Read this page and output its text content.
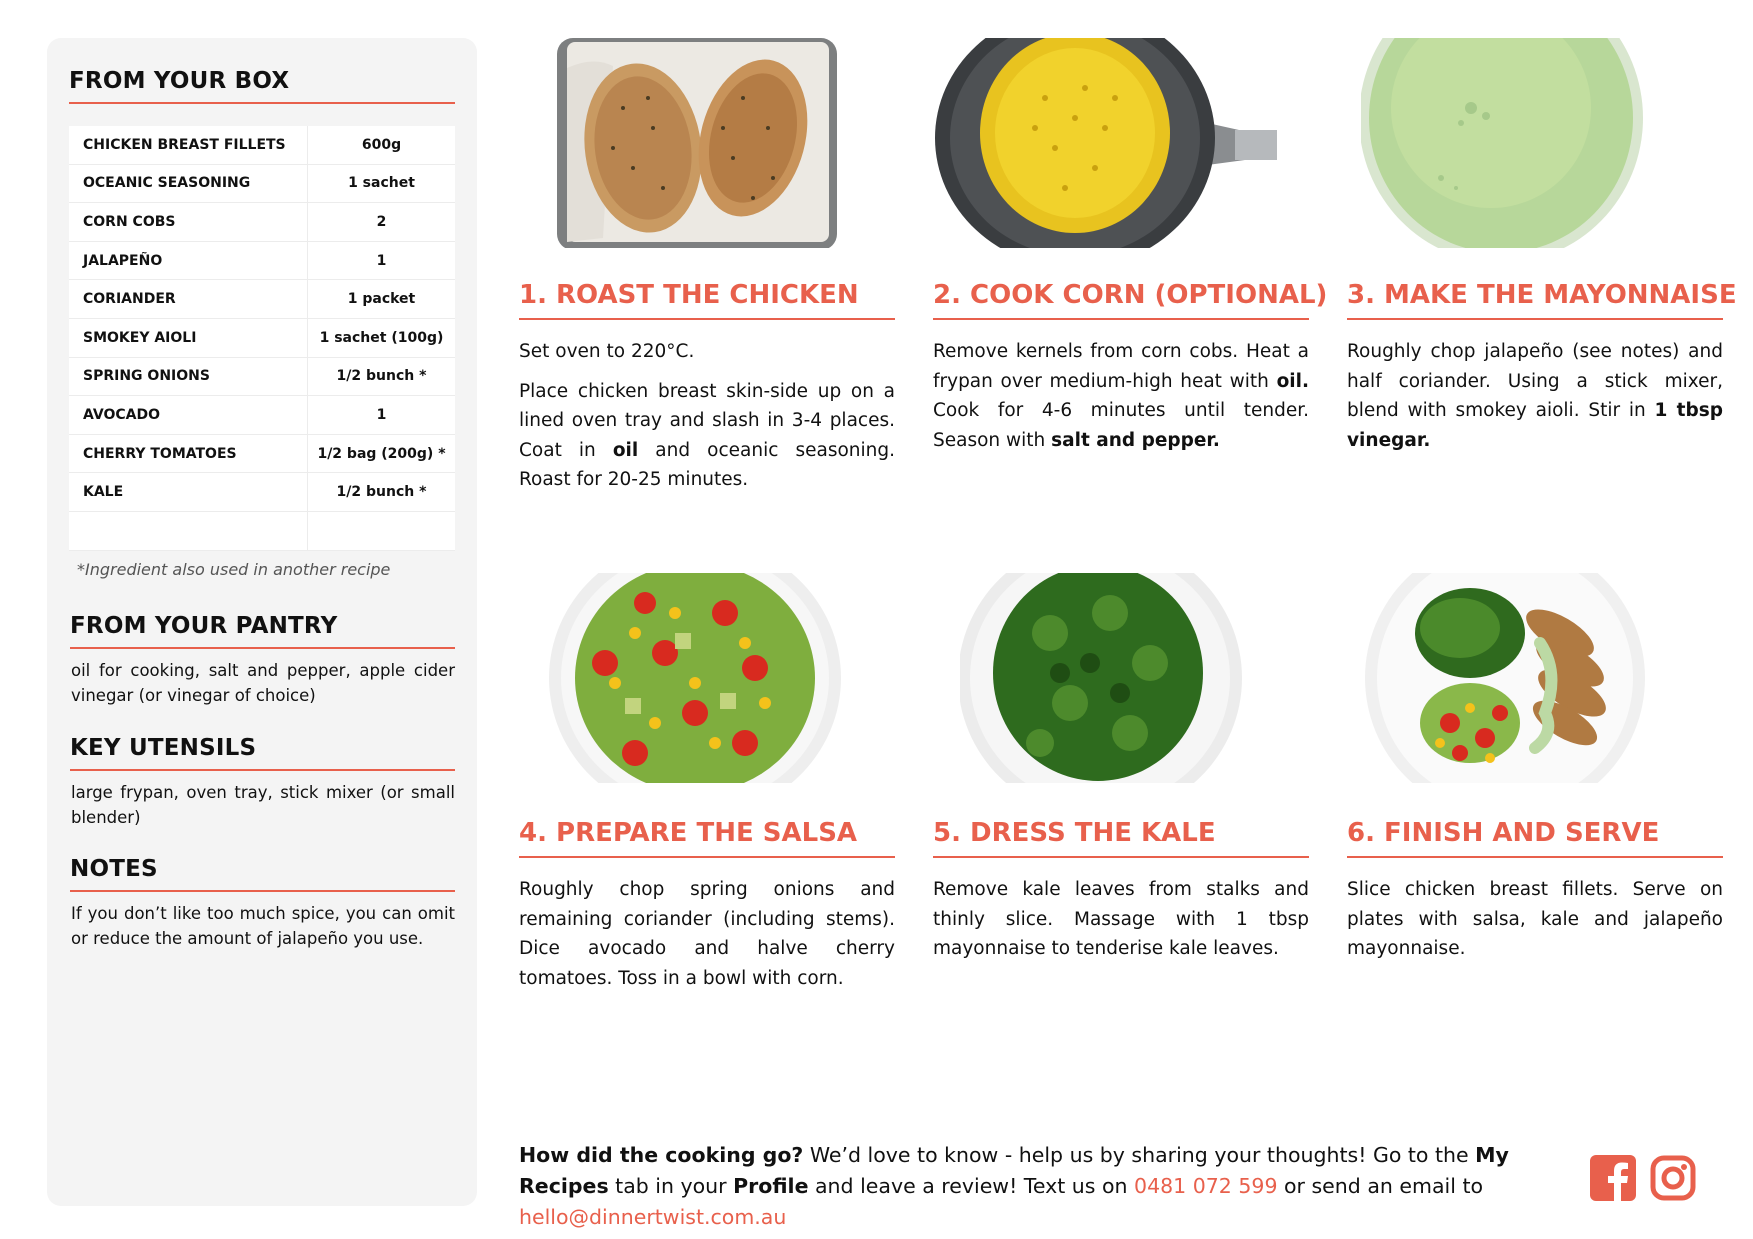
FROM YOUR BOX
CHICKEN BREAST FILLETS	600g
OCEANIC SEASONING	1 sachet
CORN COBS	2
JALAPEÑO	1
CORIANDER	1 packet
SMOKEY AIOLI	1 sachet (100g)
SPRING ONIONS	1/2 bunch *
AVOCADO	1
CHERRY TOMATOES	1/2 bag (200g) *
KALE	1/2 bunch *

*Ingredient also used in another recipe
FROM YOUR PANTRY
oil for cooking, salt and pepper, apple cider vinegar (or vinegar of choice)
KEY UTENSILS
large frypan, oven tray, stick mixer (or small blender)
NOTES
If you don’t like too much spice, you can omit or reduce the amount of jalapeño you use.
1. ROAST THE CHICKEN

Set oven to 220°C.

Place chicken breast skin-side up on a lined oven tray and slash in 3-4 places. Coat in oil and oceanic seasoning. Roast for 20-25 minutes.

2. COOK CORN (OPTIONAL)

Remove kernels from corn cobs. Heat a frypan over medium-high heat with oil. Cook for 4-6 minutes until tender. Season with salt and pepper.

3. MAKE THE MAYONNAISE

Roughly chop jalapeño (see notes) and half coriander. Using a stick mixer, blend with smokey aioli. Stir in 1 tbsp vinegar.

4. PREPARE THE SALSA

Roughly chop spring onions and remaining coriander (including stems). Dice avocado and halve cherry tomatoes. Toss in a bowl with corn.

5. DRESS THE KALE

Remove kale leaves from stalks and thinly slice. Massage with 1 tbsp mayonnaise to tenderise kale leaves.

6. FINISH AND SERVE

Slice chicken breast fillets. Serve on plates with salsa, kale and jalapeño mayonnaise.

How did the cooking go? We’d love to know - help us by sharing your thoughts! Go to the My Recipes tab in your Profile and leave a review! Text us on 0481 072 599 or send an email to hello@dinnertwist.com.au
